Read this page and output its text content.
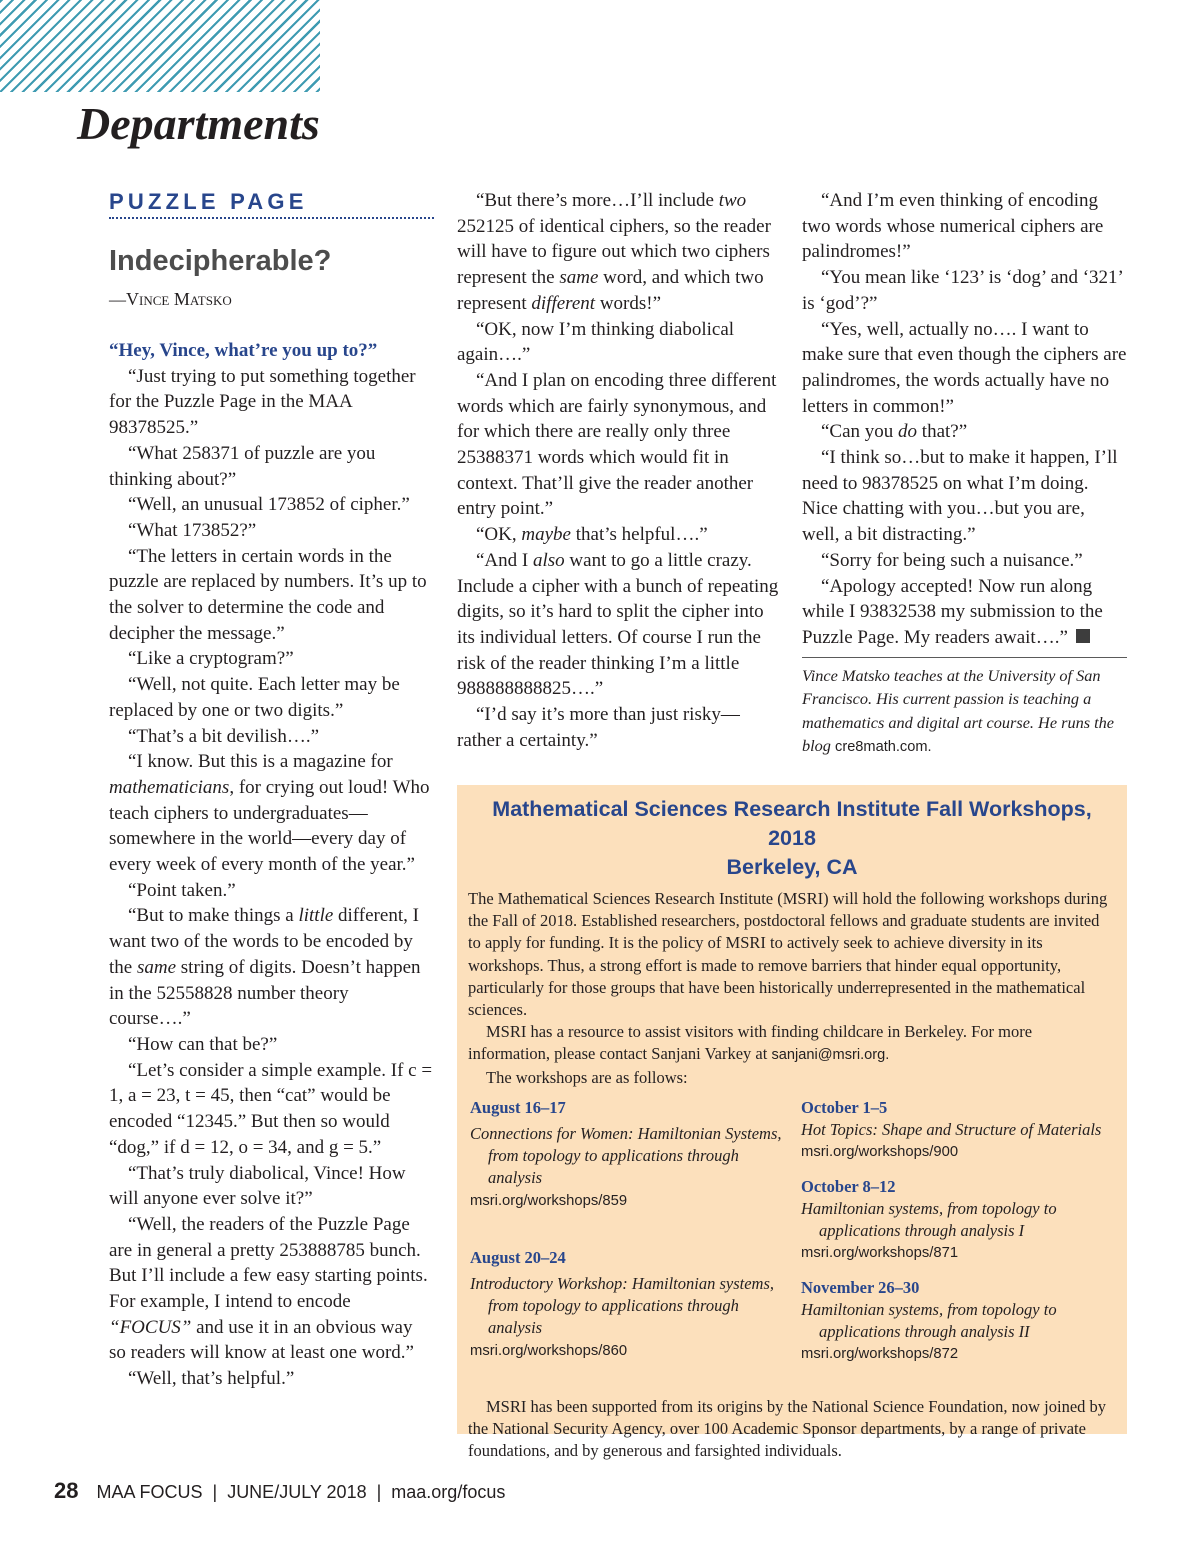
Departments
PUZZLE PAGE
Indecipherable?
—Vince Matsko

“Hey, Vince, what’re you up to?”

“Just trying to put something together for the Puzzle Page in the MAA 98378525.”

“What 258371 of puzzle are you thinking about?”

“Well, an unusual 173852 of cipher.”

“What 173852?”

“The letters in certain words in the puzzle are replaced by numbers. It’s up to the solver to determine the code and decipher the message.”

“Like a cryptogram?”

“Well, not quite. Each letter may be replaced by one or two digits.”

“That’s a bit devilish….”

“I know. But this is a magazine for mathematicians, for crying out loud! Who teach ciphers to undergraduates—somewhere in the world—every day of every week of every month of the year.”

“Point taken.”

“But to make things a little different, I want two of the words to be encoded by the same string of digits. Doesn’t happen in the 52558828 number theory course….”

“How can that be?”

“Let’s consider a simple example. If c = 1, a = 23, t = 45, then “cat” would be encoded “12345.” But then so would “dog,” if d = 12, o = 34, and g = 5.”

“That’s truly diabolical, Vince! How will anyone ever solve it?”

“Well, the readers of the Puzzle Page are in general a pretty 253888785 bunch. But I’ll include a few easy starting points. For example, I intend to encode “FOCUS” and use it in an obvious way so readers will know at least one word.”

“Well, that’s helpful.”

“But there’s more…I’ll include two 252125 of identical ciphers, so the reader will have to figure out which two ciphers represent the same word, and which two represent different words!”

“OK, now I’m thinking diabolical again….”

“And I plan on encoding three different words which are fairly synonymous, and for which there are really only three 25388371 words which would fit in context. That’ll give the reader another entry point.”

“OK, maybe that’s helpful….”

“And I also want to go a little crazy. Include a cipher with a bunch of repeating digits, so it’s hard to split the cipher into its individual letters. Of course I run the risk of the reader thinking I’m a little 988888888825….”

“I’d say it’s more than just risky—rather a certainty.”

“And I’m even thinking of encoding two words whose numerical ciphers are palindromes!”

“You mean like ‘123’ is ‘dog’ and ‘321’ is ‘god’?”

“Yes, well, actually no…. I want to make sure that even though the ciphers are palindromes, the words actually have no letters in common!”

“Can you do that?”

“I think so…but to make it happen, I’ll need to 98378525 on what I’m doing. Nice chatting with you…but you are, well, a bit distracting.”

“Sorry for being such a nuisance.”

“Apology accepted! Now run along while I 93832538 my submission to the Puzzle Page. My readers await….”

Vince Matsko teaches at the University of San Francisco. His current passion is teaching a mathematics and digital art course. He runs the blog cre8math.com.
Mathematical Sciences Research Institute Fall Workshops, 2018
Berkeley, CA

The Mathematical Sciences Research Institute (MSRI) will hold the following workshops during the Fall of 2018. Established researchers, postdoctoral fellows and graduate students are invited to apply for funding. It is the policy of MSRI to actively seek to achieve diversity in its workshops. Thus, a strong effort is made to remove barriers that hinder equal opportunity, particularly for those groups that have been historically underrepresented in the mathematical sciences.

MSRI has a resource to assist visitors with finding childcare in Berkeley. For more information, please contact Sanjani Varkey at sanjani@msri.org.

The workshops are as follows:

August 16–17
Connections for Women: Hamiltonian Systems, from topology to applications through analysis
msri.org/workshops/859
August 20–24
Introductory Workshop: Hamiltonian systems, from topology to applications through analysis
msri.org/workshops/860
October 1–5
Hot Topics: Shape and Structure of Materials
msri.org/workshops/900
October 8–12
Hamiltonian systems, from topology to applications through analysis I
msri.org/workshops/871
November 26–30
Hamiltonian systems, from topology to applications through analysis II
msri.org/workshops/872

MSRI has been supported from its origins by the National Science Foundation, now joined by the National Security Agency, over 100 Academic Sponsor departments, by a range of private foundations, and by generous and farsighted individuals.

28 MAA FOCUS | JUNE/JULY 2018 | maa.org/focus
